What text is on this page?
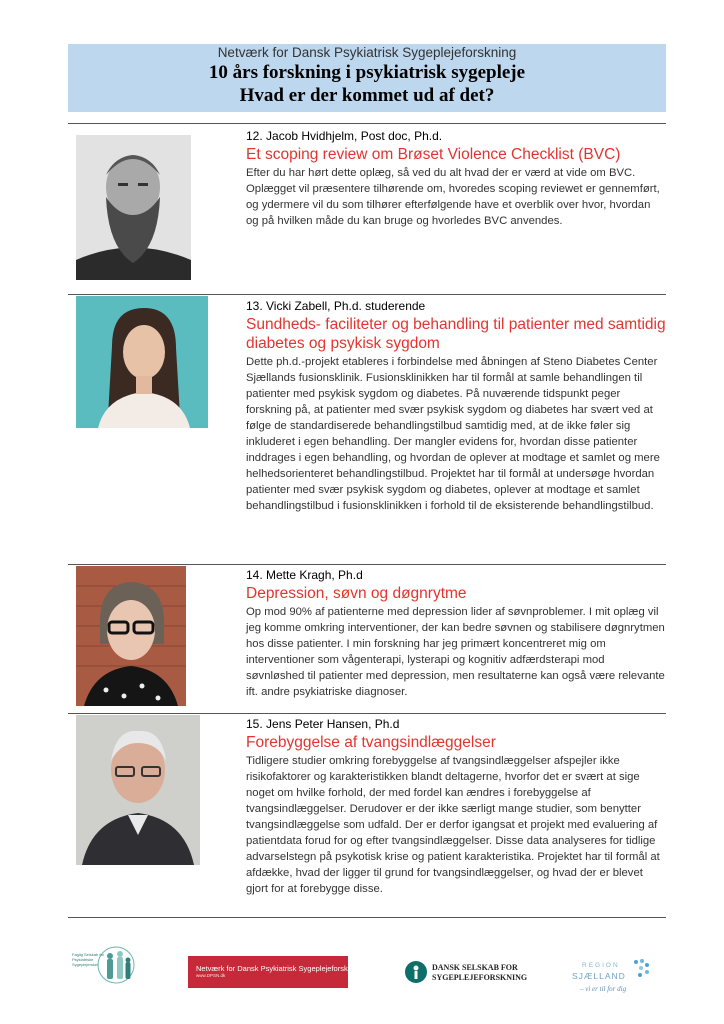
Netværk for Dansk Psykiatrisk Sygeplejeforskning
10 års forskning i psykiatrisk sygepleje
Hvad er der kommet ud af det?
12. Jacob Hvidhjelm, Post doc, Ph.d.
Et scoping review om Brøset Violence Checklist (BVC)
Efter du har hørt dette oplæg, så ved du alt hvad der er værd at vide om BVC. Oplægget vil præsentere tilhørende om, hvoredes scoping reviewet er gennemført, og ydermere vil du som tilhører efterfølgende have et overblik over hvor, hvordan og på hvilken måde du kan bruge og hvorledes BVC anvendes.
13. Vicki Zabell, Ph.d. studerende
Sundheds- faciliteter og behandling til patienter med samtidig diabetes og psykisk sygdom
Dette ph.d.-projekt etableres i forbindelse med åbningen af Steno Diabetes Center Sjællands fusionsklinik. Fusionsklinikken har til formål at samle behandlingen til patienter med psykisk sygdom og diabetes. På nuværende tidspunkt peger forskning på, at patienter med svær psykisk sygdom og diabetes har svært ved at følge de standardiserede behandlingstilbud samtidig med, at de ikke føler sig inkluderet i egen behandling. Der mangler evidens for, hvordan disse patienter inddrages i egen behandling, og hvordan de oplever at modtage et samlet og mere helhedsorienteret behandlingstilbud. Projektet har til formål at undersøge hvordan patienter med svær psykisk sygdom og diabetes, oplever at modtage et samlet behandlingstilbud i fusionsklinikken i forhold til de eksisterende behandlingstilbud.
14. Mette Kragh, Ph.d
Depression, søvn og døgnrytme
Op mod 90% af patienterne med depression lider af søvnproblemer. I mit oplæg vil jeg komme omkring interventioner, der kan bedre søvnen og stabilisere døgnrytmen hos disse patienter. I min forskning har jeg primært koncentreret mig om interventioner som vågenterapi, lysterapi og kognitiv adfærdsterapi mod søvnløshed til patienter med depression, men resultaterne kan også være relevante ift. andre psykiatriske diagnoser.
15. Jens Peter Hansen, Ph.d
Forebyggelse af tvangsindlæggelser
Tidligere studier omkring forebyggelse af tvangsindlæggelser afspejler ikke risikofaktorer og karakteristikken blandt deltagerne, hvorfor det er svært at sige noget om hvilke forhold, der med fordel kan ændres i forebyggelse af tvangsindlæggelser. Derudover er der ikke særligt mange studier, som benytter tvangsindlæggelse som udfald. Der er derfor igangsat et projekt med evaluering af patientdata forud for og efter tvangsindlæggelser. Disse data analyseres for tidlige advarselstegn på psykotisk krise og patient karakteristika. Projektet har til formål at afdække, hvad der ligger til grund for tvangsindlæggelser, og hvad der er blevet gjort for at forebygge disse.
Faglig Selskab for
Psykiatriske Sygeplejersker	Netværk for Dansk Psykiatrisk Sygeplejeforskning
www.DPSN.dk
DANSK SELSKAB FOR
SYGEPLEJEFORSKNING
REGION
SJÆLLAND
– vi er til for dig
